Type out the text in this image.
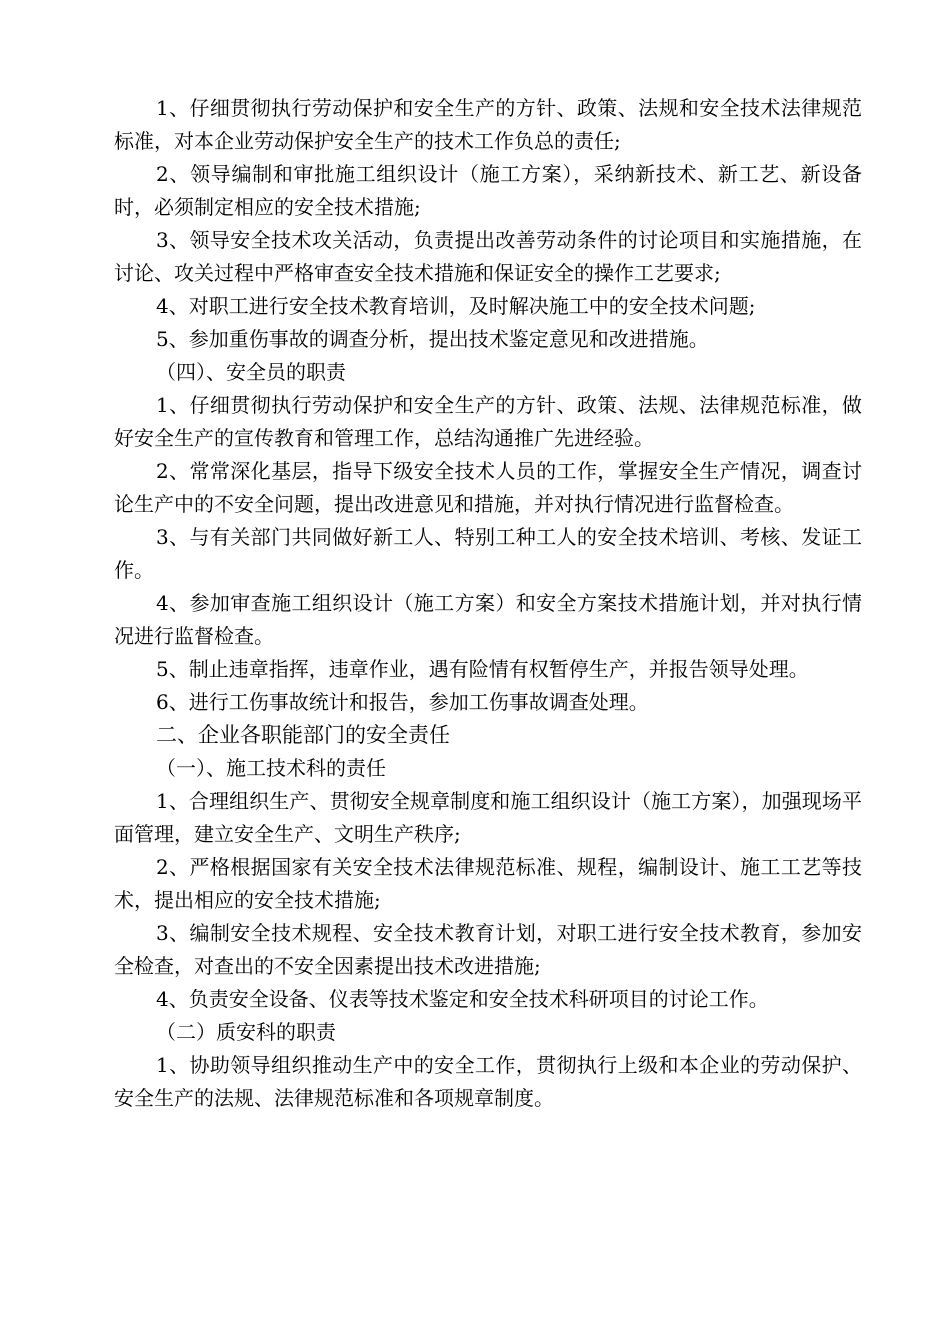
1、仔细贯彻执行劳动保护和安全生产的方针、政策、法规和安全技术法律规范标准，对本企业劳动保护安全生产的技术工作负总的责任;

2、领导编制和审批施工组织设计（施工方案），采纳新技术、新工艺、新设备时，必须制定相应的安全技术措施;

3、领导安全技术攻关活动，负责提出改善劳动条件的讨论项目和实施措施，在讨论、攻关过程中严格审查安全技术措施和保证安全的操作工艺要求;

4、对职工进行安全技术教育培训，及时解决施工中的安全技术问题;

5、参加重伤事故的调查分析，提出技术鉴定意见和改进措施。

（四）、安全员的职责

1、仔细贯彻执行劳动保护和安全生产的方针、政策、法规、法律规范标准，做好安全生产的宣传教育和管理工作，总结沟通推广先进经验。

2、常常深化基层，指导下级安全技术人员的工作，掌握安全生产情况，调查讨论生产中的不安全问题，提出改进意见和措施，并对执行情况进行监督检查。

3、与有关部门共同做好新工人、特别工种工人的安全技术培训、考核、发证工作。

4、参加审查施工组织设计（施工方案）和安全方案技术措施计划，并对执行情况进行监督检查。

5、制止违章指挥，违章作业，遇有险情有权暂停生产，并报告领导处理。

6、进行工伤事故统计和报告，参加工伤事故调查处理。

二、企业各职能部门的安全责任

（一）、施工技术科的责任

1、合理组织生产、贯彻安全规章制度和施工组织设计（施工方案），加强现场平面管理，建立安全生产、文明生产秩序;

2、严格根据国家有关安全技术法律规范标准、规程，编制设计、施工工艺等技术，提出相应的安全技术措施;

3、编制安全技术规程、安全技术教育计划，对职工进行安全技术教育，参加安全检查，对查出的不安全因素提出技术改进措施;

4、负责安全设备、仪表等技术鉴定和安全技术科研项目的讨论工作。

（二）质安科的职责

1、协助领导组织推动生产中的安全工作，贯彻执行上级和本企业的劳动保护、安全生产的法规、法律规范标准和各项规章制度。
